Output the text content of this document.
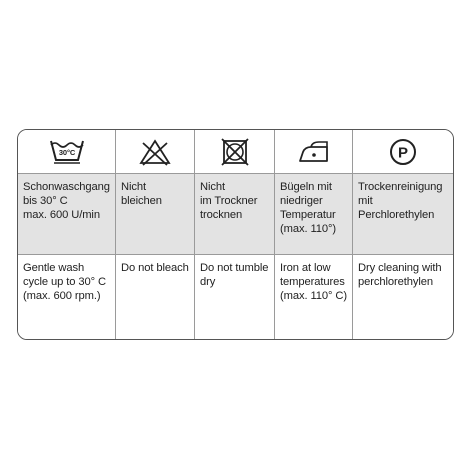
30°C	P
Schonwaschgang
bis 30° C
max. 600 U/min
Nicht bleichen
Nicht
im Trockner
trocknen
Bügeln mit
niedriger
Temperatur
(max. 110°)
Trockenreinigung
mit Perchlorethylen
Gentle wash
cycle up to 30° C
(max. 600 rpm.)
Do not bleach Do not tumble
dry
Iron at low
temperatures
(max. 110° C)
Dry cleaning with
perchlorethylen
